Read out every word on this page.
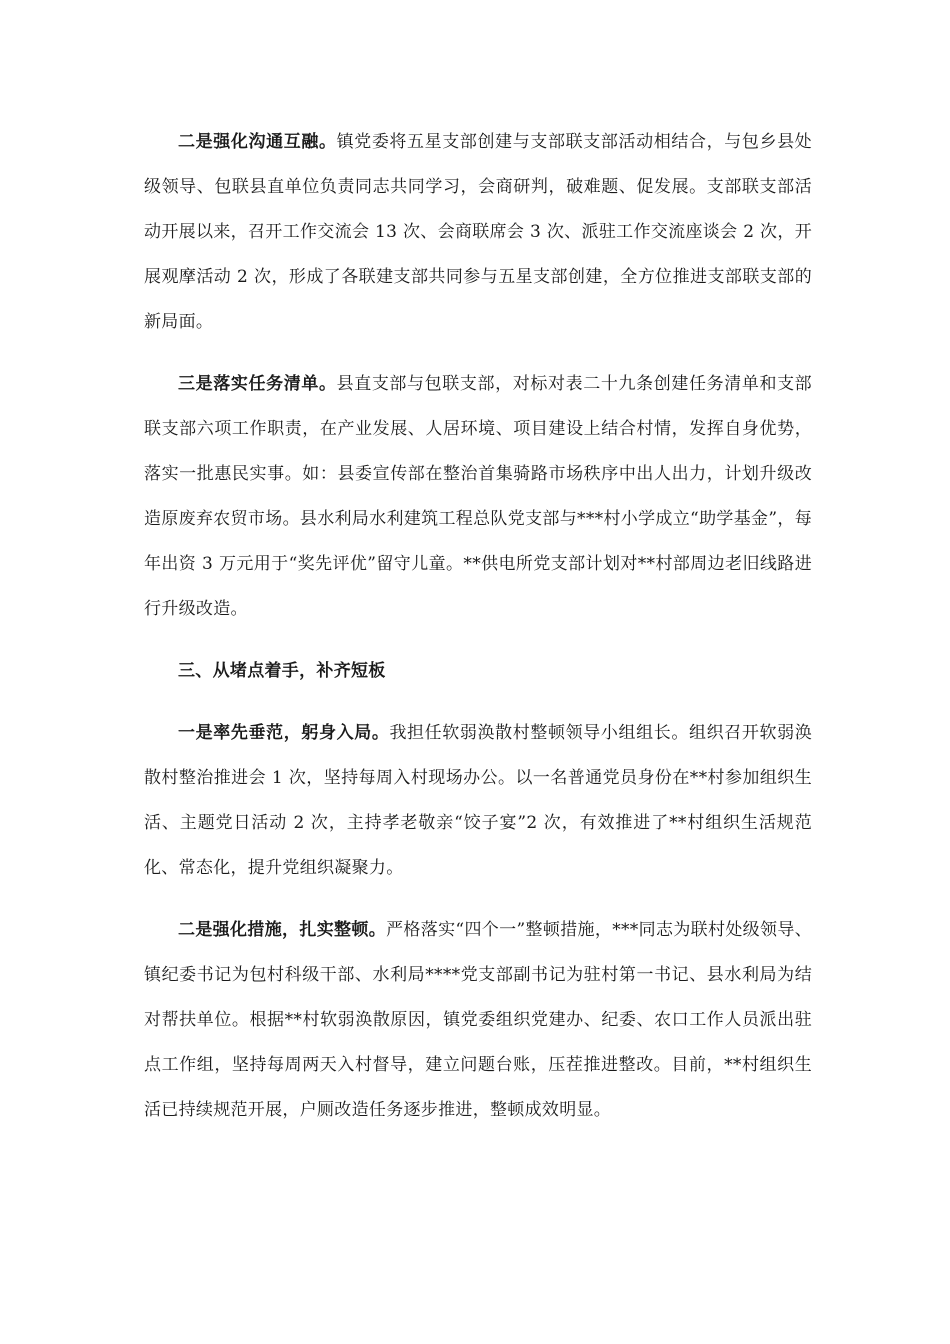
二是强化沟通互融。镇党委将五星支部创建与支部联支部活动相结合，与包乡县处级领导、包联县直单位负责同志共同学习，会商研判，破难题、促发展。支部联支部活动开展以来，召开工作交流会 13 次、会商联席会 3 次、派驻工作交流座谈会 2 次，开展观摩活动 2 次，形成了各联建支部共同参与五星支部创建，全方位推进支部联支部的新局面。

三是落实任务清单。县直支部与包联支部，对标对表二十九条创建任务清单和支部联支部六项工作职责，在产业发展、人居环境、项目建设上结合村情，发挥自身优势，落实一批惠民实事。如：县委宣传部在整治首集骑路市场秩序中出人出力，计划升级改造原废弃农贸市场。县水利局水利建筑工程总队党支部与***村小学成立“助学基金”，每年出资 3 万元用于“奖先评优”留守儿童。**供电所党支部计划对**村部周边老旧线路进行升级改造。

三、从堵点着手，补齐短板

一是率先垂范，躬身入局。我担任软弱涣散村整顿领导小组组长。组织召开软弱涣散村整治推进会 1 次，坚持每周入村现场办公。以一名普通党员身份在**村参加组织生活、主题党日活动 2 次，主持孝老敬亲“饺子宴”2 次，有效推进了**村组织生活规范化、常态化，提升党组织凝聚力。

二是强化措施，扎实整顿。严格落实“四个一”整顿措施，***同志为联村处级领导、镇纪委书记为包村科级干部、水利局****党支部副书记为驻村第一书记、县水利局为结对帮扶单位。根据**村软弱涣散原因，镇党委组织党建办、纪委、农口工作人员派出驻点工作组，坚持每周两天入村督导，建立问题台账，压茬推进整改。目前，**村组织生活已持续规范开展，户厕改造任务逐步推进，整顿成效明显。
